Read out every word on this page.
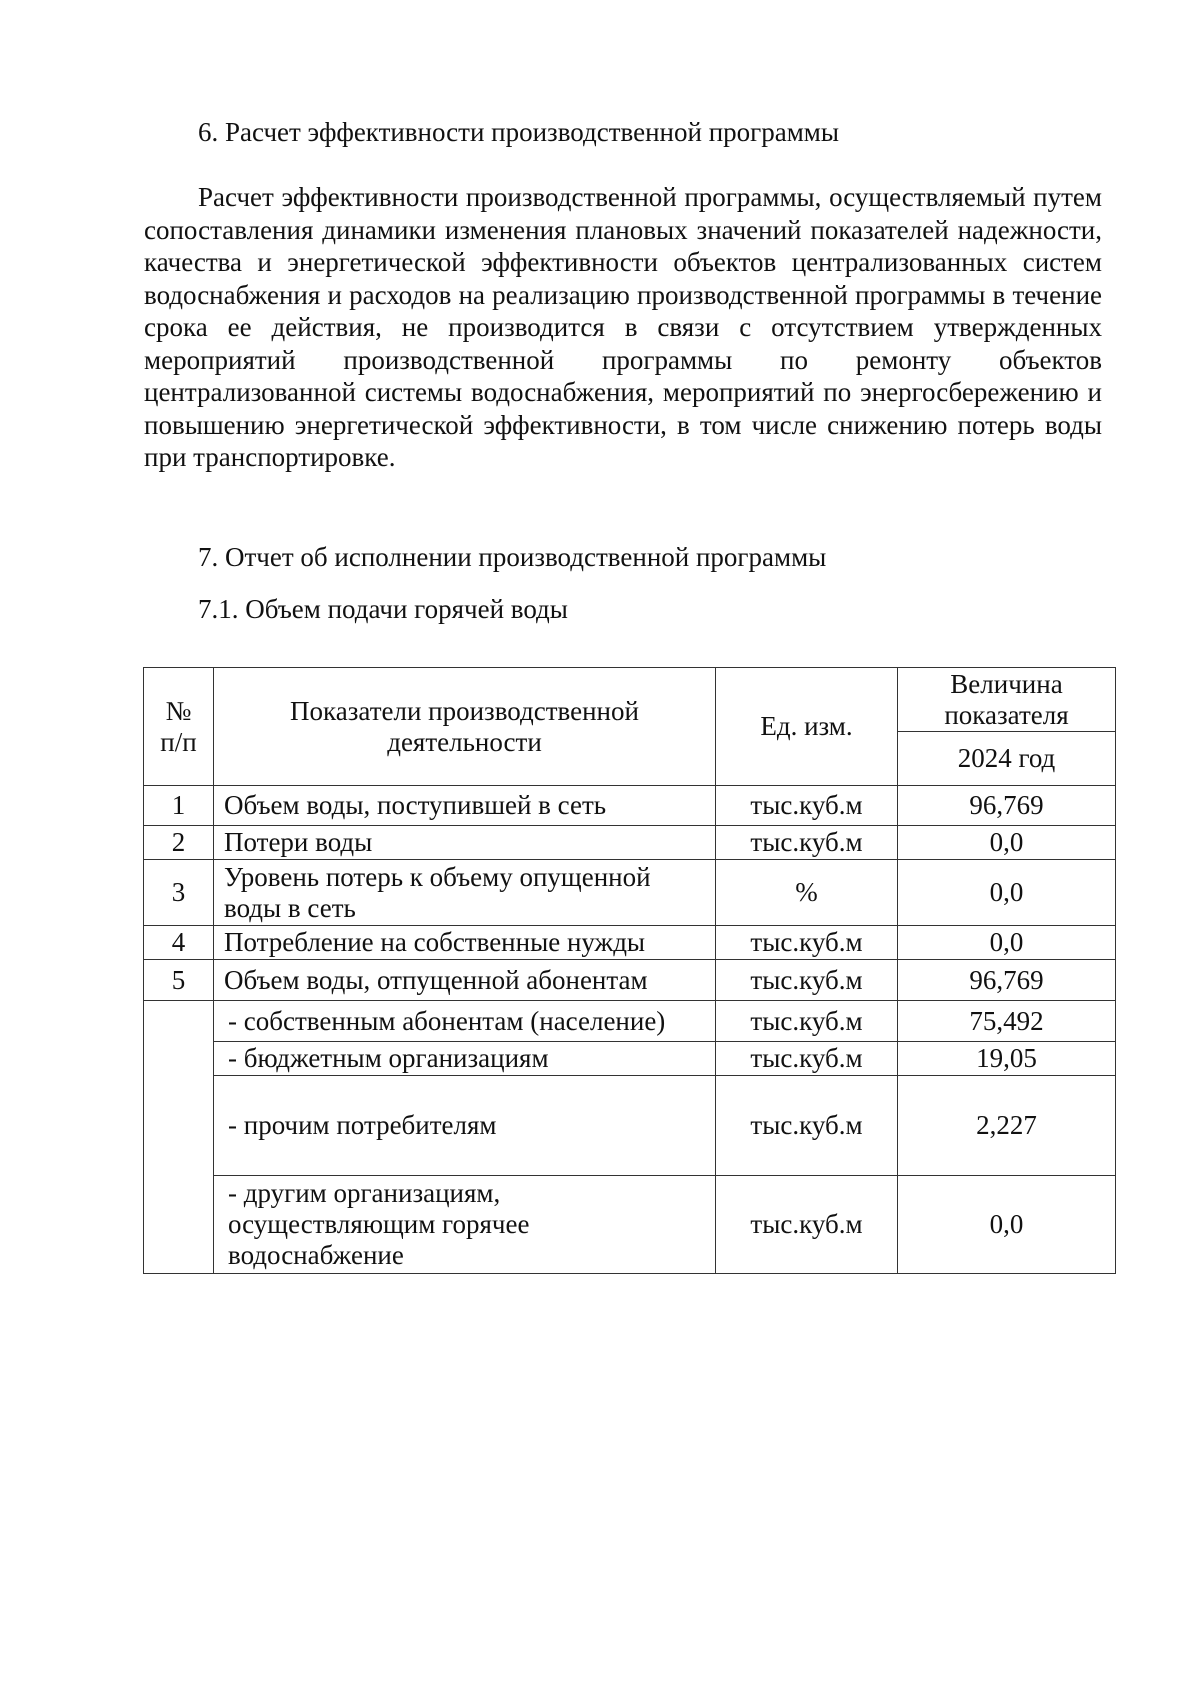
6. Расчет эффективности производственной программы

Расчет эффективности производственной программы, осуществляемый путем сопоставления динамики изменения плановых значений показателей надежности, качества и энергетической эффективности объектов централизованных систем водоснабжения и расходов на реализацию производственной программы в течение срока ее действия, не производится в связи с отсутствием утвержденных мероприятий производственной программы по ремонту объектов централизованной системы водоснабжения, мероприятий по энергосбережению и повышению энергетической эффективности, в том числе снижению потерь воды при транспортировке.

7. Отчет об исполнении производственной программы
7.1. Объем подачи горячей воды
№ п/п	Показатели производственной деятельности	Ед. изм.	Величина показателя
			2024 год
1	Объем воды, поступившей в сеть	тыс.куб.м	96,769
2	Потери воды	тыс.куб.м	0,0
3	Уровень потерь к объему опущенной воды в сеть	%	0,0
4	Потребление на собственные нужды	тыс.куб.м	0,0
5	Объем воды, отпущенной абонентам	тыс.куб.м	96,769
	- собственным абонентам (население)	тыс.куб.м	75,492
	- бюджетным организациям	тыс.куб.м	19,05
	- прочим потребителям	тыс.куб.м	2,227
	- другим организациям, осуществляющим горячее водоснабжение	тыс.куб.м	0,0
